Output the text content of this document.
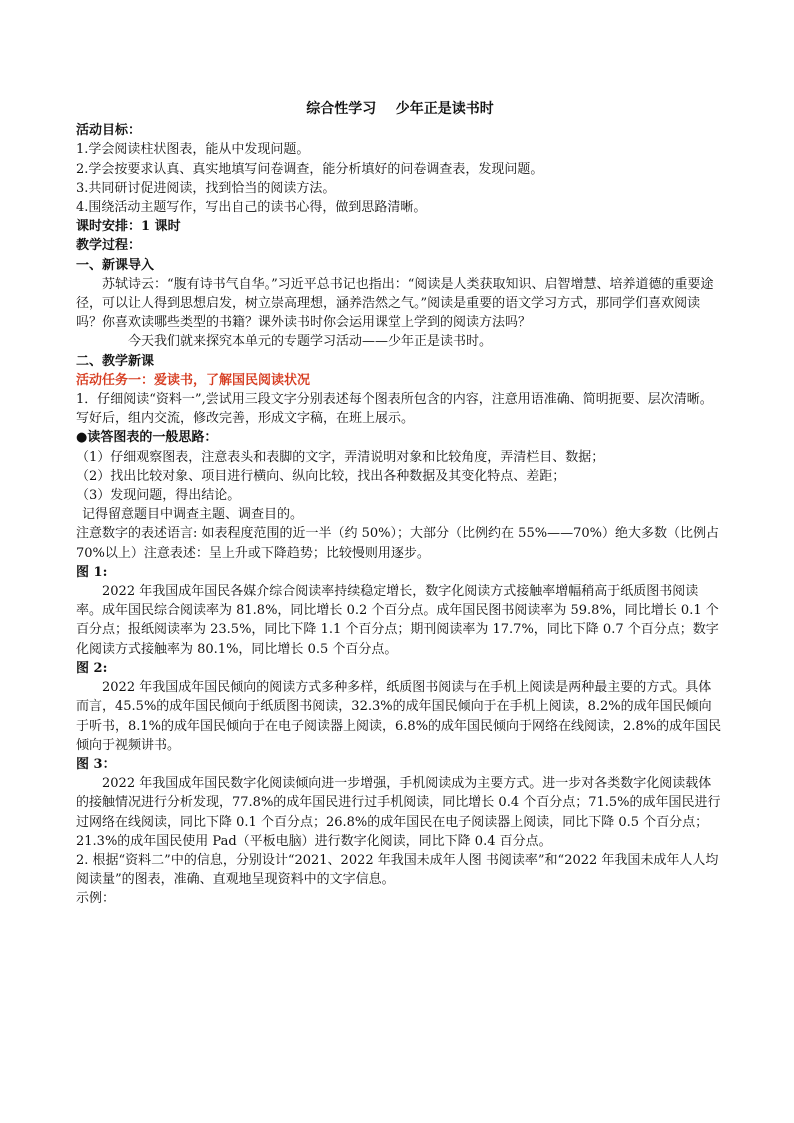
综合性学习 少年正是读书时

活动目标：

1.学会阅读柱状图表，能从中发现问题。

2.学会按要求认真、真实地填写问卷调查，能分析填好的问卷调查表，发现问题。

3.共同研讨促进阅读，找到恰当的阅读方法。

4.围绕活动主题写作，写出自己的读书心得，做到思路清晰。

课时安排：1 课时

教学过程：

一、新课导入

苏轼诗云：“腹有诗书气自华。”习近平总书记也指出：“阅读是人类获取知识、启智增慧、培养道德的重要途径，可以让人得到思想启发，树立崇高理想，涵养浩然之气。”阅读是重要的语文学习方式，那同学们喜欢阅读吗？你喜欢读哪些类型的书籍？课外读书时你会运用课堂上学到的阅读方法吗？

今天我们就来探究本单元的专题学习活动——少年正是读书时。

二、教学新课

活动任务一：爱读书，了解国民阅读状况

1．仔细阅读“资料一”,尝试用三段文字分别表述每个图表所包含的内容，注意用语准确、简明扼要、层次清晰。写好后，组内交流，修改完善，形成文字稿，在班上展示。

●读答图表的一般思路：

（1）仔细观察图表，注意表头和表脚的文字，弄清说明对象和比较角度，弄清栏目、数据；

（2）找出比较对象、项目进行横向、纵向比较，找出各种数据及其变化特点、差距；

（3）发现问题，得出结论。

记得留意题目中调查主题、调查目的。

注意数字的表述语言: 如表程度范围的近一半（约 50%）；大部分（比例约在 55%——70%）绝大多数（比例占 70%以上）注意表述：呈上升或下降趋势；比较慢则用逐步。

图 1:

2022 年我国成年国民各媒介综合阅读率持续稳定增长，数字化阅读方式接触率增幅稍高于纸质图书阅读率。成年国民综合阅读率为 81.8%，同比增长 0.2 个百分点。成年国民图书阅读率为 59.8%，同比增长 0.1 个百分点；报纸阅读率为 23.5%，同比下降 1.1 个百分点；期刊阅读率为 17.7%，同比下降 0.7 个百分点；数字化阅读方式接触率为 80.1%，同比增长 0.5 个百分点。

图 2:

2022 年我国成年国民倾向的阅读方式多种多样，纸质图书阅读与在手机上阅读是两种最主要的方式。具体而言，45.5%的成年国民倾向于纸质图书阅读，32.3%的成年国民倾向于在手机上阅读，8.2%的成年国民倾向于听书，8.1%的成年国民倾向于在电子阅读器上阅读，6.8%的成年国民倾向于网络在线阅读，2.8%的成年国民倾向于视频讲书。

图 3：

2022 年我国成年国民数字化阅读倾向进一步增强，手机阅读成为主要方式。进一步对各类数字化阅读载体的接触情况进行分析发现，77.8%的成年国民进行过手机阅读，同比增长 0.4 个百分点；71.5%的成年国民进行过网络在线阅读，同比下降 0.1 个百分点；26.8%的成年国民在电子阅读器上阅读，同比下降 0.5 个百分点；21.3%的成年国民使用 Pad（平板电脑）进行数字化阅读，同比下降 0.4 百分点。

2. 根据“资料二”中的信息，分别设计“2021、2022 年我国未成年人图 书阅读率”和“2022 年我国未成年人人均阅读量”的图表，准确、直观地呈现资料中的文字信息。

示例：
